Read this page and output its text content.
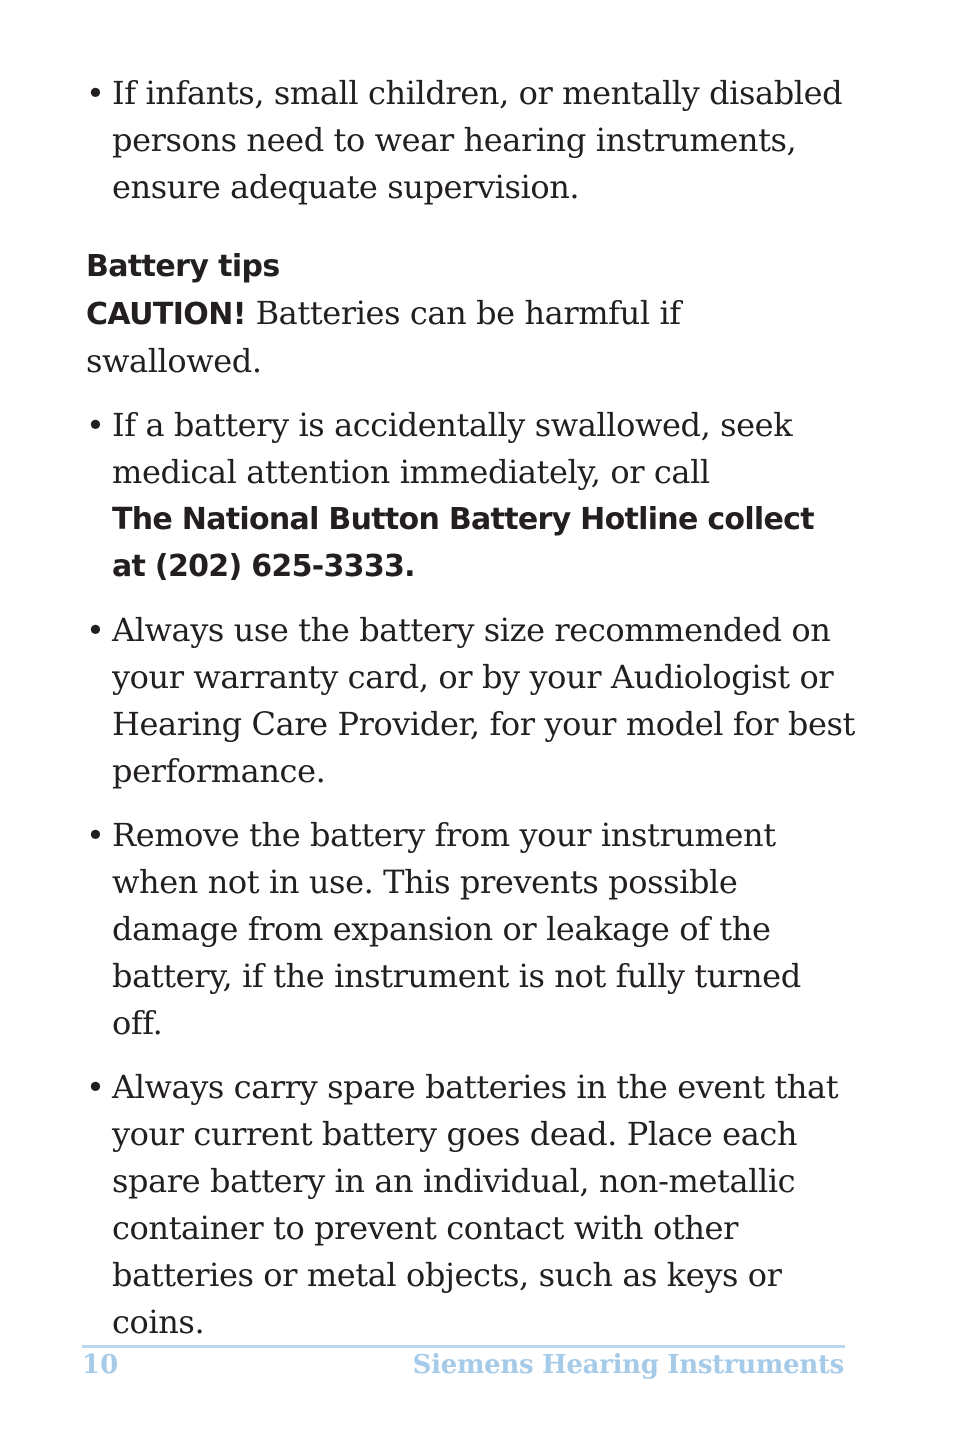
• If infants, small children, or mentally disabled persons need to wear hearing instruments, ensure adequate supervision.
Battery tips
CAUTION! Batteries can be harmful if swallowed.
• If a battery is accidentally swallowed, seek medical attention immediately, or call
The National Button Battery Hotline collect at (202) 625-3333.
• Always use the battery size recommended on your warranty card, or by your Audiologist or Hearing Care Provider, for your model for best performance.
• Remove the battery from your instrument when not in use. This prevents possible damage from expansion or leakage of the battery, if the instrument is not fully turned off.
• Always carry spare batteries in the event that your current battery goes dead. Place each spare battery in an individual, non-metallic container to prevent contact with other batteries or metal objects, such as keys or coins.
10	Siemens Hearing Instruments
